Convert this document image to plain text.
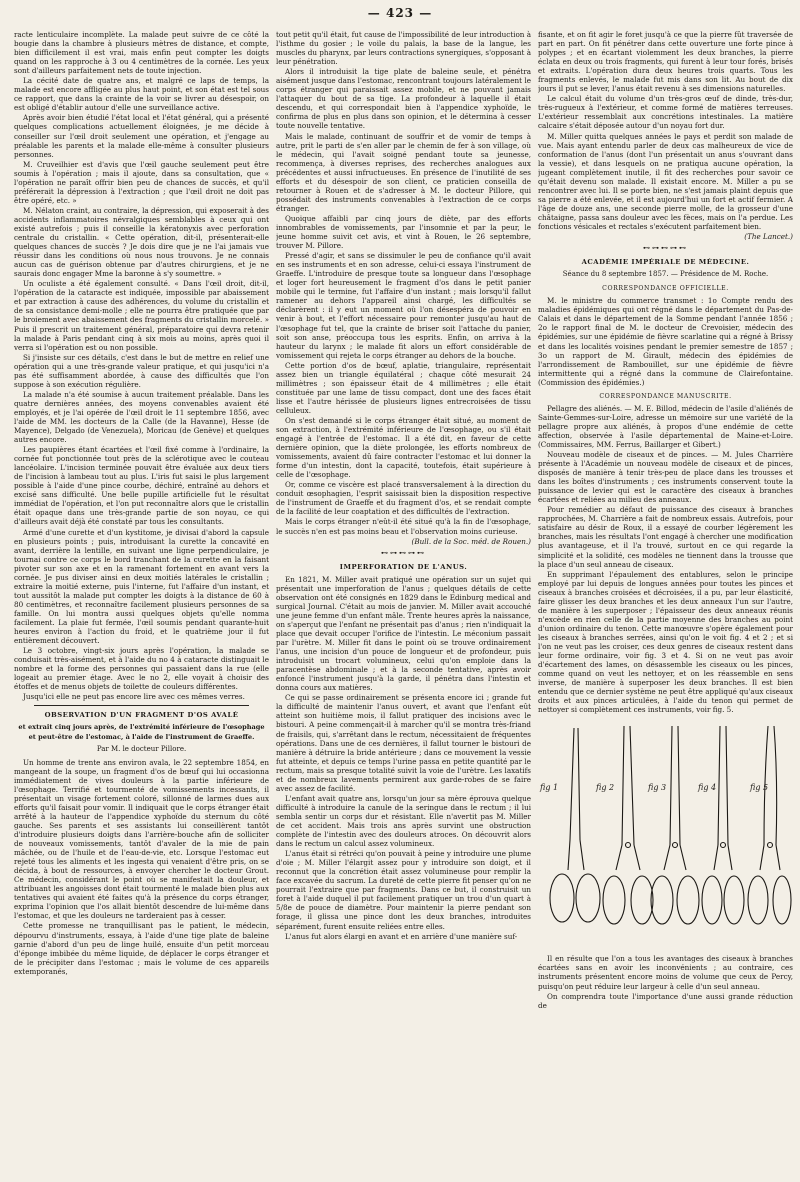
— 423 —

racte lenticulaire incomplète. La malade peut suivre de ce côté la bougie dans la chambre à plusieurs mètres de distance, et compte, bien difficilement il est vrai, mais enfin peut compter les doigts quand on les rapproche à 3 ou 4 centimètres de la cornée. Les yeux sont d'ailleurs parfaitement nets de toute injection.

La cécité date de quatre ans, et malgré ce laps de temps, la malade est encore affligée au plus haut point, et son état est tel sous ce rapport, que dans la crainte de la voir se livrer au désespoir, on est obligé d'établir autour d'elle une surveillance active.

Après avoir bien étudié l'état local et l'état général, qui a présenté quelques complications actuellement éloignées, je me décide à conseiller sur l'œil droit seulement une opération, et j'engage au préalable les parents et la malade elle-même à consulter plusieurs personnes.

M. Cruveilhier est d'avis que l'œil gauche seulement peut être soumis à l'opération ; mais il ajoute, dans sa consultation, que « l'opération ne paraît offrir bien peu de chances de succès, et qu'il préférerait la dépression à l'extraction ; que l'œil droit ne doit pas être opéré, etc. »

M. Nélaton craint, au contraire, la dépression, qui exposerait à des accidents inflammatoires névralgiques semblables à ceux qui ont existé autrefois ; puis il conseille la kératonyxis avec perforation centrale du cristallin. « Cette opération, dit-il, présenterait-elle quelques chances de succès ? Je dois dire que je ne l'ai jamais vue réussir dans les conditions où nous nous trouvons. Je ne connais aucun cas de guérison obtenue par d'autres chirurgiens, et je ne saurais donc engager Mme la baronne à s'y soumettre. »

Un oculiste a été également consulté. « Dans l'œil droit, dit-il, l'opération de la cataracte est indiquée, impossible par abaissement et par extraction à cause des adhérences, du volume du cristallin et de sa consistance demi-molle ; elle ne pourra être pratiquée que par le broiement avec abaissement des fragments du cristallin morcelé. » Puis il prescrit un traitement général, préparatoire qui devra retenir la malade à Paris pendant cinq à six mois au moins, après quoi il verra si l'opération est ou non possible.

Si j'insiste sur ces détails, c'est dans le but de mettre en relief une opération qui a une très-grande valeur pratique, et qui jusqu'ici n'a pas été suffisamment abordée, à cause des difficultés que l'on suppose à son exécution régulière.

La malade n'a été soumise à aucun traitement préalable. Dans les quatre dernières années, des moyens convenables avaient été employés, et je l'ai opérée de l'œil droit le 11 septembre 1856, avec l'aide de MM. les docteurs de la Calle (de la Havanne), Hesse (de Mayence), Delgado (de Venezuela), Moricau (de Genève) et quelques autres encore.

Les paupières étant écartées et l'œil fixé comme à l'ordinaire, la cornée fut ponctionnée tout près de la sclérotique avec le couteau lancéolaire. L'incision terminée pouvait être évaluée aux deux tiers de l'incision à lambeau tout au plus. L'iris fut saisi le plus largement possible à l'aide d'une pince courbe, déchiré, entraîné au dehors et excisé sans difficulté. Une belle pupille artificielle fut le résultat immédiat de l'opération, et l'on put reconnaître alors que le cristallin était opaque dans une très-grande partie de son noyau, ce qui d'ailleurs avait déjà été constaté par tous les consultants.

Armé d'une curette et d'un kystitome, je divisai d'abord la capsule en plusieurs points ; puis, introduisant la curette la concavité en avant, derrière la lentille, en suivant une ligne perpendiculaire, je tournai contre ce corps le bord tranchant de la curette en la faisant pivoter sur son axe et en la ramenant fortement en avant vers la cornée. Je pus diviser ainsi en deux moitiés latérales le cristallin ; extraire la moitié externe, puis l'interne, fut l'affaire d'un instant, et tout aussitôt la malade put compter les doigts à la distance de 60 à 80 centimètres, et reconnaître facilement plusieurs personnes de sa famille. On lui montra aussi quelques objets qu'elle nomma facilement. La plaie fut fermée, l'œil soumis pendant quarante-huit heures environ à l'action du froid, et le quatrième jour il fut entièrement découvert.

Le 3 octobre, vingt-six jours après l'opération, la malade se conduisait très-aisément, et à l'aide du no 4 à cataracte distinguait le nombre et la forme des personnes qui passaient dans la rue (elle logeait au premier étage. Avec le no 2, elle voyait à choisir des étoffes et de menus objets de toilette de couleurs différentes.

Jusqu'ici elle ne peut pas encore lire avec ces mêmes verres.

OBSERVATION D'UN FRAGMENT D'OS AVALÉ
et extrait cinq jours après, de l'extrémité inférieure de l'œsophage et peut-être de l'estomac, à l'aide de l'instrument de Graeffe.
Par M. le docteur Pillore.

Un homme de trente ans environ avala, le 22 septembre 1854, en mangeant de la soupe, un fragment d'os de bœuf qui lui occasionna immédiatement de vives douleurs à la partie inférieure de l'œsophage. Terrifié et tourmenté de vomissements incessants, il présentait un visage fortement coloré, sillonné de larmes dues aux efforts qu'il faisait pour vomir. Il indiquait que le corps étranger était arrêté à la hauteur de l'appendice xyphoïde du sternum du côté gauche. Ses parents et ses assistants lui conseillèrent tantôt d'introduire plusieurs doigts dans l'arrière-bouche afin de solliciter de nouveaux vomissements, tantôt d'avaler de la mie de pain mâchée, ou de l'huile et de l'eau-de-vie, etc. Lorsque l'estomac eut rejeté tous les aliments et les ingesta qui venaient d'être pris, on se décida, à bout de ressources, à envoyer chercher le docteur Grout. Ce médecin, considérant le point où se manifestait la douleur, et attribuant les angoisses dont était tourmenté le malade bien plus aux tentatives qui avaient été faites qu'à la présence du corps étranger, exprima l'opinion que l'os allait bientôt descendre de lui-même dans l'estomac, et que les douleurs ne tarderaient pas à cesser.

Cette promesse ne tranquillisant pas le patient, le médecin, dépourvu d'instruments, essaya, à l'aide d'une tige plate de baleine garnie d'abord d'un peu de linge huilé, ensuite d'un petit morceau d'éponge imbibée du même liquide, de déplacer le corps étranger et de le précipiter dans l'estomac ; mais le volume de ces appareils extemporanés,

tout petit qu'il était, fut cause de l'impossibilité de leur introduction à l'isthme du gosier ; le voile du palais, la base de la langue, les muscles du pharynx, par leurs contractions synergiques, s'opposant à leur pénétration.

Alors il introduisit la tige plate de baleine seule, et pénétra aisément jusque dans l'estomac, rencontrant toujours latéralement le corps étranger qui paraissait assez mobile, et ne pouvant jamais l'attaquer du bout de sa tige. La profondeur à laquelle il était descendu, et qui correspondait bien à l'appendice xyphoïde, le confirma de plus en plus dans son opinion, et le détermina à cesser toute nouvelle tentative.

Mais le malade, continuant de souffrir et de vomir de temps à autre, prit le parti de s'en aller par le chemin de fer à son village, où le médecin, qui l'avait soigné pendant toute sa jeunesse, recommença, à diverses reprises, des recherches analogues aux précédentes et aussi infructueuses. En présence de l'inutilité de ses efforts et du désespoir de son client, ce praticien conseilla de retourner à Rouen et de s'adresser à M. le docteur Pillore, qui possédait des instruments convenables à l'extraction de ce corps étranger.

Quoique affaibli par cinq jours de diète, par des efforts innombrables de vomissements, par l'insomnie et par la peur, le jeune homme suivit cet avis, et vint à Rouen, le 26 septembre, trouver M. Pillore.

Pressé d'agir, et sans se dissimuler le peu de confiance qu'il avait en ses instruments et en son adresse, celui-ci essaya l'instrument de Graeffe. L'introduire de presque toute sa longueur dans l'œsophage et loger fort heureusement le fragment d'os dans le petit panier mobile qui le termine, fut l'affaire d'un instant ; mais lorsqu'il fallut ramener au dehors l'appareil ainsi chargé, les difficultés se déclarèrent : il y eut un moment où l'on désespéra de pouvoir en venir à bout, et l'effort nécessaire pour remonter jusqu'au haut de l'œsophage fut tel, que la crainte de briser soit l'attache du panier, soit son anse, préoccupa tous les esprits. Enfin, on arriva à la hauteur du larynx ; le malade fit alors un effort considérable de vomissement qui rejeta le corps étranger au dehors de la bouche.

Cette portion d'os de bœuf, aplatie, triangulaire, représentait assez bien un triangle équilatéral ; chaque côté mesurait 24 millimètres ; son épaisseur était de 4 millimètres ; elle était constituée par une lame de tissu compact, dont une des faces était lisse et l'autre hérissée de plusieurs lignes entrecroisées de tissu celluleux.

On s'est demandé si le corps étranger était situé, au moment de son extraction, à l'extrémité inférieure de l'œsophage, ou s'il était engagé à l'entrée de l'estomac. Il a été dit, en faveur de cette dernière opinion, que la diète prolongée, les efforts nombreux de vomissements, avaient dû faire contracter l'estomac et lui donner la forme d'un intestin, dont la capacité, toutefois, était supérieure à celle de l'œsophage.

Or, comme ce viscère est placé transversalement à la direction du conduit œsophagien, l'esprit saisissait bien la disposition respective de l'instrument de Graeffe et du fragment d'os, et se rendait compte de la facilité de leur coaptation et des difficultés de l'extraction.

Mais le corps étranger n'eût-il été situé qu'à la fin de l'œsophage, le succès n'en est pas moins beau et l'observation moins curieuse.

(Bull. de la Soc. méd. de Rouen.)

⊷⊶⊷⊶⊷
IMPERFORATION DE L'ANUS.

En 1821, M. Miller avait pratiqué une opération sur un sujet qui présentait une imperforation de l'anus ; quelques détails de cette observation ont été consignés en 1829 dans le Edinburg medical and surgical Journal. C'était au mois de janvier. M. Miller avait accouché une jeune femme d'un enfant mâle. Trente heures après la naissance, on s'aperçut que l'enfant ne présentait pas d'anus ; rien n'indiquait la place que devait occuper l'orifice de l'intestin. Le méconium passait par l'urètre. M. Miller fit dans le point où se trouve ordinairement l'anus, une incision d'un pouce de longueur et de profondeur, puis introduisit un trocart volumineux, celui qu'on emploie dans la paracentèse abdominale ; et à la seconde tentative, après avoir enfoncé l'instrument jusqu'à la garde, il pénétra dans l'intestin et donna cours aux matières.

Ce qui se passe ordinairement se présenta encore ici ; grande fut la difficulté de maintenir l'anus ouvert, et avant que l'enfant eût atteint son huitième mois, il fallut pratiquer des incisions avec le bistouri. A peine commençait-il à marcher qu'il se montra très-friand de fraisils, qui, s'arrêtant dans le rectum, nécessitaient de fréquentes opérations. Dans une de ces dernières, il fallut tourner le bistouri de manière à détruire la bride antérieure ; dans ce mouvement la vessie fut atteinte, et depuis ce temps l'urine passa en petite quantité par le rectum, mais sa presque totalité suivit la voie de l'urètre. Les laxatifs et de nombreux lavements permirent aux garde-robes de se faire avec assez de facilité.

L'enfant avait quatre ans, lorsqu'un jour sa mère éprouva quelque difficulté à introduire la canule de la seringue dans le rectum ; il lui sembla sentir un corps dur et résistant. Elle n'avertit pas M. Miller de cet accident. Mais trois ans après survint une obstruction complète de l'intestin avec des douleurs atroces. On découvrit alors dans le rectum un calcul assez volumineux.

L'anus était si rétréci qu'on pouvait à peine y introduire une plume d'oie ; M. Miller l'élargit assez pour y introduire son doigt, et il reconnut que la concrétion était assez volumineuse pour remplir la face excavée du sacrum. La dureté de cette pierre fit penser qu'on ne pourrait l'extraire que par fragments. Dans ce but, il construisit un foret à l'aide duquel il put facilement pratiquer un trou d'un quart à 5/8e de pouce de diamètre. Pour maintenir la pierre pendant son forage, il glissa une pince dont les deux branches, introduites séparément, furent ensuite reliées entre elles.

L'anus fut alors élargi en avant et en arrière d'une manière suf-

fisante, et on fit agir le foret jusqu'à ce que la pierre fût traversée de part en part. On fit pénétrer dans cette ouverture une forte pince à polypes ; et en écartant violemment les deux branches, la pierre éclata en deux ou trois fragments, qui furent à leur tour forés, brisés et extraits. L'opération dura deux heures trois quarts. Tous les fragments enlevés, le malade fut mis dans son lit. Au bout de dix jours il put se lever, l'anus était revenu à ses dimensions naturelles.

Le calcul était du volume d'un très-gros œuf de dinde, très-dur, très-rugueux à l'extérieur, et comme formé de matières terreuses. L'extérieur ressemblait aux concrétions intestinales. La matière calcaire s'était déposée autour d'un noyau fort dur.

M. Miller quitta quelques années le pays et perdit son malade de vue. Mais ayant entendu parler de deux cas malheureux de vice de conformation de l'anus (dont l'un présentait un anus s'ouvrant dans la vessie), et dans lesquels on ne pratiqua aucune opération, la jugeant complètement inutile, il fit des recherches pour savoir ce qu'était devenu son malade. Il existait encore. M. Miller a pu se rencontrer avec lui. Il se porte bien, ne s'est jamais plaint depuis que sa pierre a été enlevée, et il est aujourd'hui un fort et actif fermier. A l'âge de douze ans, une seconde pierre molle, de la grosseur d'une châtaigne, passa sans douleur avec les fèces, mais on l'a perdue. Les fonctions vésicales et rectales s'exécutent parfaitement bien.

(The Lancet.)

⊷⊶⊷⊶⊷
ACADÉMIE IMPÉRIALE DE MÉDECINE.
Séance du 8 septembre 1857. — Présidence de M. Roche.
CORRESPONDANCE OFFICIELLE.

M. le ministre du commerce transmet : 1o Compte rendu des maladies épidémiques qui ont régné dans le département du Pas-de-Calais et dans le département de la Somme pendant l'année 1856 ; 2o le rapport final de M. le docteur de Crevoisier, médecin des épidémies, sur une épidémie de fièvre scarlatine qui a régné à Brissy et dans les localités voisines pendant le premier semestre de 1857 ; 3o un rapport de M. Girault, médecin des épidémies de l'arrondissement de Rambouillet, sur une épidémie de fièvre intermittente qui a régné dans la commune de Clairefontaine. (Commission des épidémies.)

CORRESPONDANCE MANUSCRITE.

Pellagre des aliénés. — M. E. Billod, médecin de l'asile d'aliénés de Sainte-Gemmes-sur-Loire, adresse un mémoire sur une variété de la pellagre propre aux aliénés, à propos d'une endémie de cette affection, observée à l'asile départemental de Maine-et-Loire. (Commissaires, MM. Ferrus, Baillarger et Gibert.)

Nouveau modèle de ciseaux et de pinces. — M. Jules Charrière présente à l'Académie un nouveau modèle de ciseaux et de pinces, disposés de manière à tenir très-peu de place dans les trousses et dans les boîtes d'instruments ; ces instruments conservent toute la puissance de levier qui est le caractère des ciseaux à branches écartées et reliées au milieu des anneaux.

Pour remédier au défaut de puissance des ciseaux à branches rapprochées, M. Charrière a fait de nombreux essais. Autrefois, pour satisfaire au désir de Roux, il a essayé de courber légèrement les branches, mais les résultats l'ont engagé à chercher une modification plus avantageuse, et il l'a trouvé, surtout en ce qui regarde la simplicité et la solidité, ces modèles ne tiennent dans la trousse que la place d'un seul anneau de ciseaux.

En supprimant l'épaulement des entablures, selon le principe employé par lui depuis de longues années pour toutes les pinces et ciseaux à branches croisées et décroisées, il a pu, par leur élasticité, faire glisser les deux branches et les deux anneaux l'un sur l'autre, de manière à les superposer ; l'épaisseur des deux anneaux réunis n'excède en rien celle de la partie moyenne des branches au point d'union ordinaire du tenon. Cette manœuvre s'opère également pour les ciseaux à branches serrées, ainsi qu'on le voit fig. 4 et 2 ; et si l'on ne veut pas les croiser, ces deux genres de ciseaux restent dans leur forme ordinaire, voir fig. 3 et 4. Si on ne veut pas avoir d'écartement des lames, on désassemble les ciseaux ou les pinces, comme quand on veut les nettoyer, et on les réassemble en sens inverse, de manière à superposer les deux branches. Il est bien entendu que ce dernier système ne peut être appliqué qu'aux ciseaux droits et aux pinces articulées, à l'aide du tenon qui permet de nettoyer si complètement ces instruments, voir fig. 5.

fig 1	fig 2	fig 3	fig 4	fig 5

Il en résulte que l'on a tous les avantages des ciseaux à branches écartées sans en avoir les inconvénients ; au contraire, ces instruments présentent encore moins de volume que ceux de Percy, puisqu'on peut réduire leur largeur à celle d'un seul anneau.

On comprendra toute l'importance d'une aussi grande réduction de
